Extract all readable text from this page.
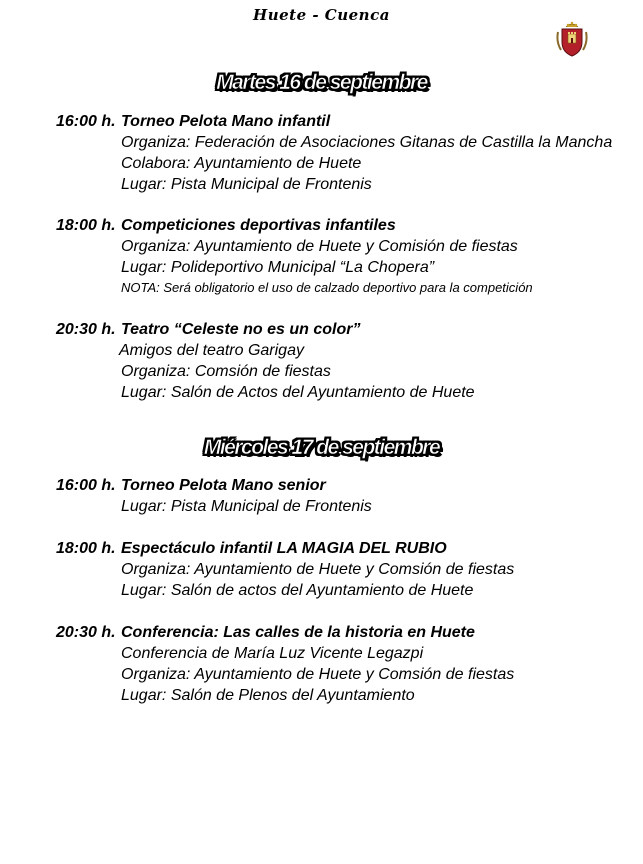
Huete - Cuenca
Martes 16 de septiembre
16:00 h. Torneo Pelota Mano infantil
Organiza: Federación de Asociaciones Gitanas de Castilla la Mancha
Colabora: Ayuntamiento de Huete
Lugar: Pista Municipal de Frontenis
18:00 h. Competiciones deportivas infantiles
Organiza: Ayuntamiento de Huete y Comisión de fiestas
Lugar: Polideportivo Municipal “La Chopera”
NOTA: Será obligatorio el uso de calzado deportivo para la competición
20:30 h. Teatro “Celeste no es un color”
Amigos del teatro Garigay
Organiza: Comsión de fiestas
Lugar: Salón de Actos del Ayuntamiento de Huete
Miércoles 17 de septiembre
16:00 h. Torneo Pelota Mano senior
Lugar: Pista Municipal de Frontenis
18:00 h. Espectáculo infantil LA MAGIA DEL RUBIO
Organiza: Ayuntamiento de Huete y Comsión de fiestas
Lugar: Salón de actos del Ayuntamiento de Huete
20:30 h. Conferencia: Las calles de la historia en Huete
Conferencia de María Luz Vicente Legazpi
Organiza: Ayuntamiento de Huete y Comsión de fiestas
Lugar: Salón de Plenos del Ayuntamiento
